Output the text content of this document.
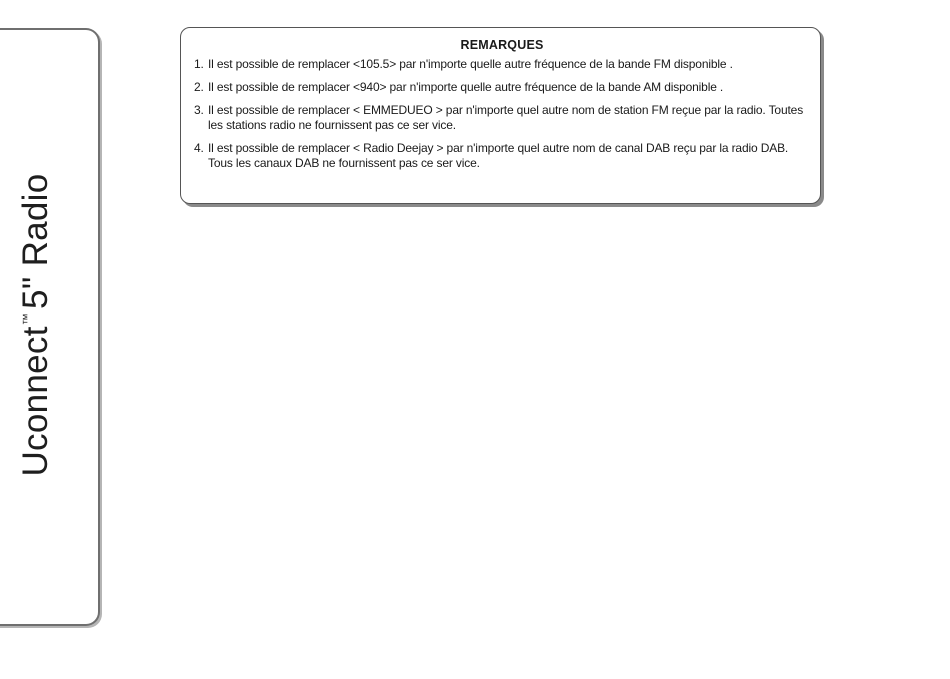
Uconnect™5" Radio
REMARQUES
1. Il est possible de remplacer <105.5> par n'importe quelle autre fréquence de la bande FM disponible .
2. Il est possible de remplacer <940> par n'importe quelle autre fréquence de la bande AM disponible .
3. Il est possible de remplacer < EMMEDUEO > par n'importe quel autre nom de station FM reçue par la radio. Toutes les stations radio ne fournissent pas ce ser vice.
4. Il est possible de remplacer < Radio Deejay > par n'importe quel autre nom de canal DAB reçu par la radio DAB. Tous les canaux DAB ne fournissent pas ce ser vice.
